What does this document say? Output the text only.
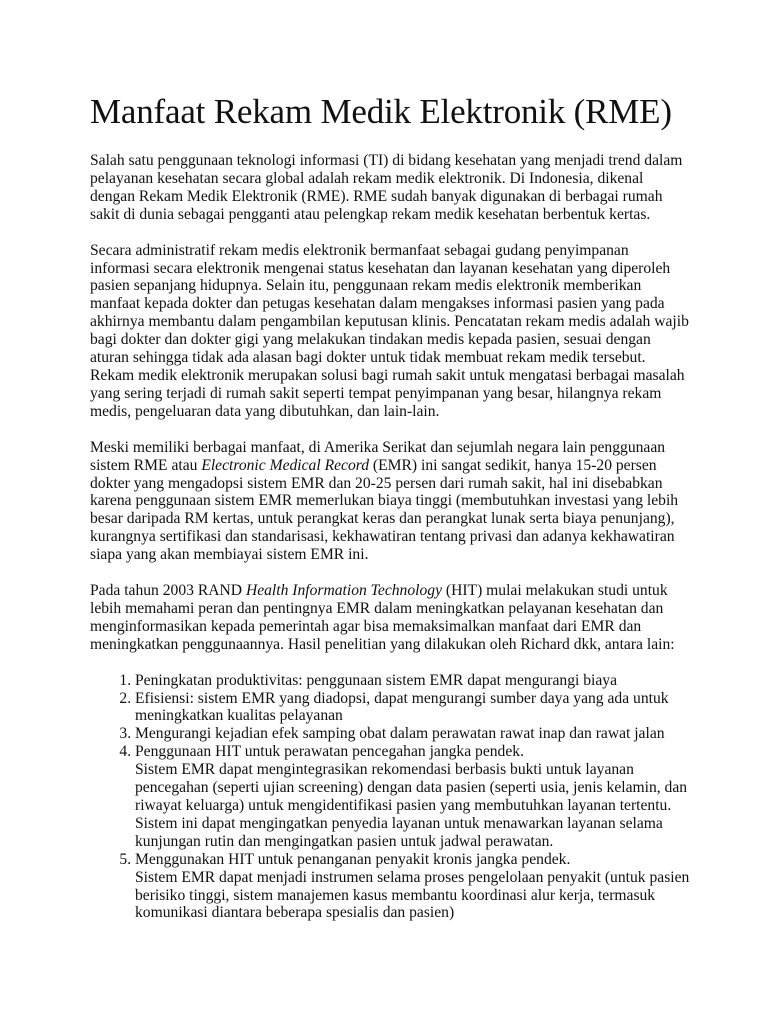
Manfaat Rekam Medik Elektronik (RME)

Salah satu penggunaan teknologi informasi (TI) di bidang kesehatan yang menjadi trend dalam pelayanan kesehatan secara global adalah rekam medik elektronik. Di Indonesia, dikenal dengan Rekam Medik Elektronik (RME). RME sudah banyak digunakan di berbagai rumah sakit di dunia sebagai pengganti atau pelengkap rekam medik kesehatan berbentuk kertas.

Secara administratif rekam medis elektronik bermanfaat sebagai gudang penyimpanan informasi secara elektronik mengenai status kesehatan dan layanan kesehatan yang diperoleh pasien sepanjang hidupnya. Selain itu, penggunaan rekam medis elektronik memberikan manfaat kepada dokter dan petugas kesehatan dalam mengakses informasi pasien yang pada akhirnya membantu dalam pengambilan keputusan klinis. Pencatatan rekam medis adalah wajib bagi dokter dan dokter gigi yang melakukan tindakan medis kepada pasien, sesuai dengan aturan sehingga tidak ada alasan bagi dokter untuk tidak membuat rekam medik tersebut. Rekam medik elektronik merupakan solusi bagi rumah sakit untuk mengatasi berbagai masalah yang sering terjadi di rumah sakit seperti tempat penyimpanan yang besar, hilangnya rekam medis, pengeluaran data yang dibutuhkan, dan lain-lain.

Meski memiliki berbagai manfaat, di Amerika Serikat dan sejumlah negara lain penggunaan sistem RME atau Electronic Medical Record (EMR) ini sangat sedikit, hanya 15-20 persen dokter yang mengadopsi sistem EMR dan 20-25 persen dari rumah sakit, hal ini disebabkan karena penggunaan sistem EMR memerlukan biaya tinggi (membutuhkan investasi yang lebih besar daripada RM kertas, untuk perangkat keras dan perangkat lunak serta biaya penunjang), kurangnya sertifikasi dan standarisasi, kekhawatiran tentang privasi dan adanya kekhawatiran siapa yang akan membiayai sistem EMR ini.

Pada tahun 2003 RAND Health Information Technology (HIT) mulai melakukan studi untuk lebih memahami peran dan pentingnya EMR dalam meningkatkan pelayanan kesehatan dan menginformasikan kepada pemerintah agar bisa memaksimalkan manfaat dari EMR dan meningkatkan penggunaannya. Hasil penelitian yang dilakukan oleh Richard dkk, antara lain:

1. Peningkatan produktivitas: penggunaan sistem EMR dapat mengurangi biaya
2. Efisiensi: sistem EMR yang diadopsi, dapat mengurangi sumber daya yang ada untuk meningkatkan kualitas pelayanan
3. Mengurangi kejadian efek samping obat dalam perawatan rawat inap dan rawat jalan
4. Penggunaan HIT untuk perawatan pencegahan jangka pendek.
Sistem EMR dapat mengintegrasikan rekomendasi berbasis bukti untuk layanan pencegahan (seperti ujian screening) dengan data pasien (seperti usia, jenis kelamin, dan riwayat keluarga) untuk mengidentifikasi pasien yang membutuhkan layanan tertentu. Sistem ini dapat mengingatkan penyedia layanan untuk menawarkan layanan selama kunjungan rutin dan mengingatkan pasien untuk jadwal perawatan.
5. Menggunakan HIT untuk penanganan penyakit kronis jangka pendek.
Sistem EMR dapat menjadi instrumen selama proses pengelolaan penyakit (untuk pasien berisiko tinggi, sistem manajemen kasus membantu koordinasi alur kerja, termasuk komunikasi diantara beberapa spesialis dan pasien)
